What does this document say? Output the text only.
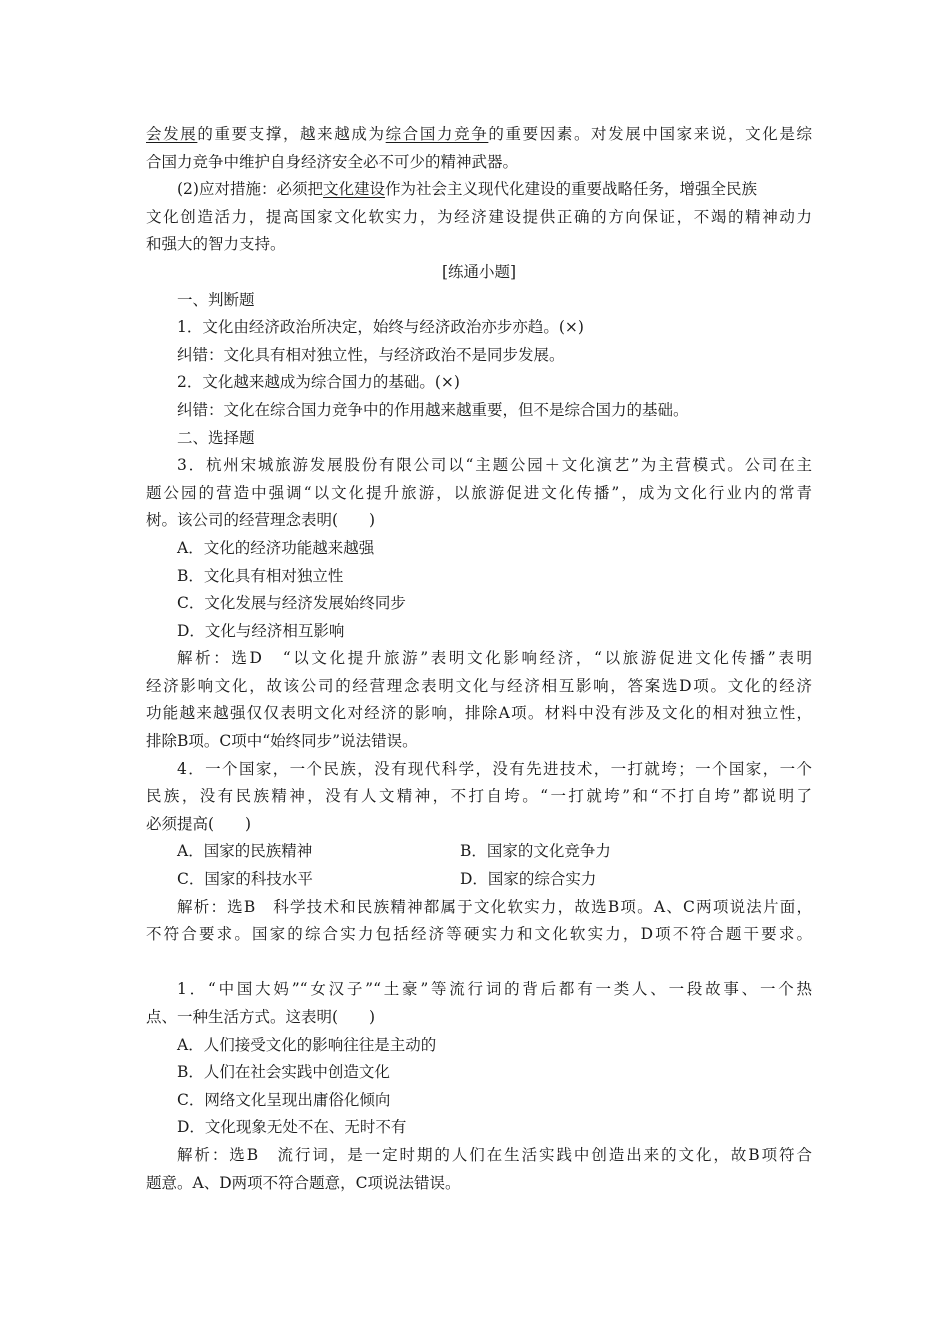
会发展的重要支撑，越来越成为综合国力竞争的重要因素。对发展中国家来说，文化是综
合国力竞争中维护自身经济安全必不可少的精神武器。
(2)应对措施：必须把文化建设作为社会主义现代化建设的重要战略任务，增强全民族
文化创造活力，提高国家文化软实力，为经济建设提供正确的方向保证，不竭的精神动力
和强大的智力支持。
[练通小题]
一、判断题
1．文化由经济政治所决定，始终与经济政治亦步亦趋。(×)
纠错：文化具有相对独立性，与经济政治不是同步发展。
2．文化越来越成为综合国力的基础。(×)
纠错：文化在综合国力竞争中的作用越来越重要，但不是综合国力的基础。
二、选择题
3．杭州宋城旅游发展股份有限公司以“主题公园＋文化演艺”为主营模式。公司在主
题公园的营造中强调“以文化提升旅游，以旅游促进文化传播”，成为文化行业内的常青
树。该公司的经营理念表明(　　)
A．文化的经济功能越来越强
B．文化具有相对独立性
C．文化发展与经济发展始终同步
D．文化与经济相互影响
解析：选D　“以文化提升旅游”表明文化影响经济，“以旅游促进文化传播”表明
经济影响文化，故该公司的经营理念表明文化与经济相互影响，答案选D项。文化的经济
功能越来越强仅仅表明文化对经济的影响，排除A项。材料中没有涉及文化的相对独立性，
排除B项。C项中“始终同步”说法错误。
4．一个国家，一个民族，没有现代科学，没有先进技术，一打就垮；一个国家，一个
民族，没有民族精神，没有人文精神，不打自垮。“一打就垮”和“不打自垮”都说明了
必须提高(　　)
A．国家的民族精神	B．国家的文化竞争力
C．国家的科技水平	D．国家的综合实力
解析：选B　科学技术和民族精神都属于文化软实力，故选B项。A、C两项说法片面，
不符合要求。国家的综合实力包括经济等硬实力和文化软实力，D项不符合题干要求。
1．“中国大妈”“女汉子”“土豪”等流行词的背后都有一类人、一段故事、一个热
点、一种生活方式。这表明(　　)
A．人们接受文化的影响往往是主动的
B．人们在社会实践中创造文化
C．网络文化呈现出庸俗化倾向
D．文化现象无处不在、无时不有
解析：选B　流行词，是一定时期的人们在生活实践中创造出来的文化，故B项符合
题意。A、D两项不符合题意，C项说法错误。
